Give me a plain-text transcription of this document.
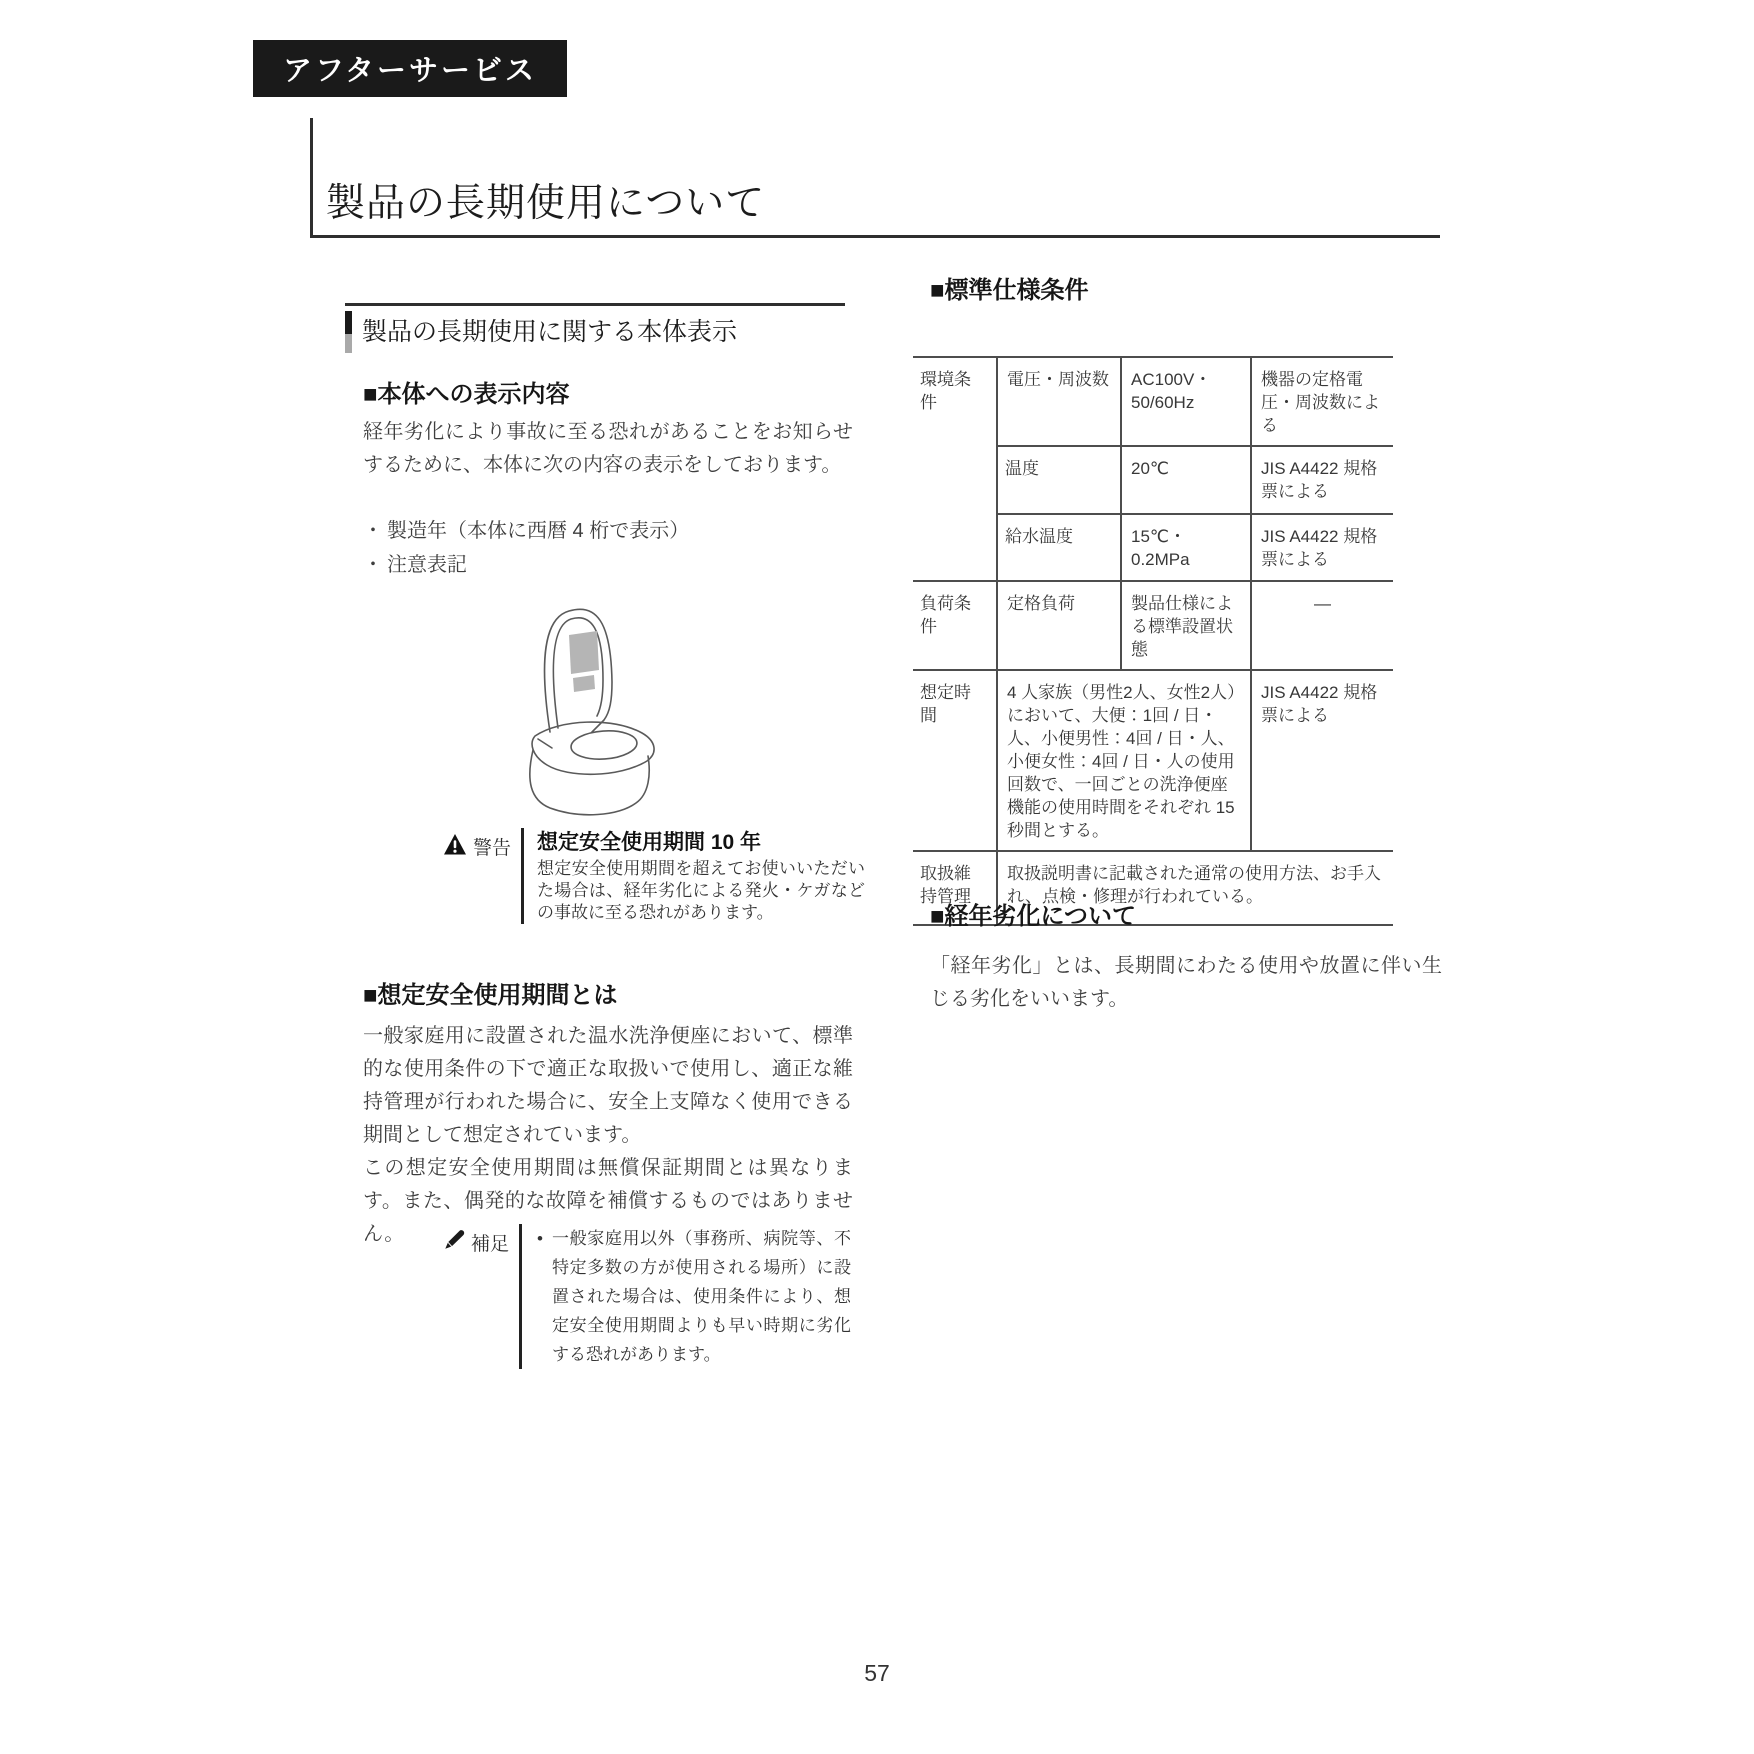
アフターサービス
製品の長期使用について
製品の長期使用に関する本体表示
■本体への表示内容

経年劣化により事故に至る恐れがあることをお知らせするために、本体に次の内容の表示をしております。

・ 製造年（本体に西暦 4 桁で表示）
・ 注意表記
警告 想定安全使用期間 10 年
想定安全使用期間を超えてお使いいただいた場合は、経年劣化による発火・ケガなどの事故に至る恐れがあります。
■想定安全使用期間とは

一般家庭用に設置された温水洗浄便座において、標準的な使用条件の下で適正な取扱いで使用し、適正な維持管理が行われた場合に、安全上支障なく使用できる期間として想定されています。

この想定安全使用期間は無償保証期間とは異なります。また、偶発的な故障を補償するものではありません。	補足	• 一般家庭用以外（事務所、病院等、不特定多数の方が使用される場所）に設置された場合は、使用条件により、想定安全使用期間よりも早い時期に劣化する恐れがあります。
■標準仕様条件
環境条件	電圧・周波数	AC100V・50/60Hz	機器の定格電圧・周波数による
	温度	20℃	JIS A4422 規格票による
	給水温度	15℃・0.2MPa	JIS A4422 規格票による
負荷条件	定格負荷	製品仕様による標準設置状態	—
想定時間	4 人家族（男性2人、女性2人）において、大便：1回 / 日・人、小便男性：4回 / 日・人、小便女性：4回 / 日・人の使用回数で、一回ごとの洗浄便座機能の使用時間をそれぞれ 15 秒間とする。		JIS A4422 規格票による
取扱維持管理	取扱説明書に記載された通常の使用方法、お手入れ、点検・修理が行われている。		
■経年劣化について

「経年劣化」とは、長期間にわたる使用や放置に伴い生じる劣化をいいます。

57
